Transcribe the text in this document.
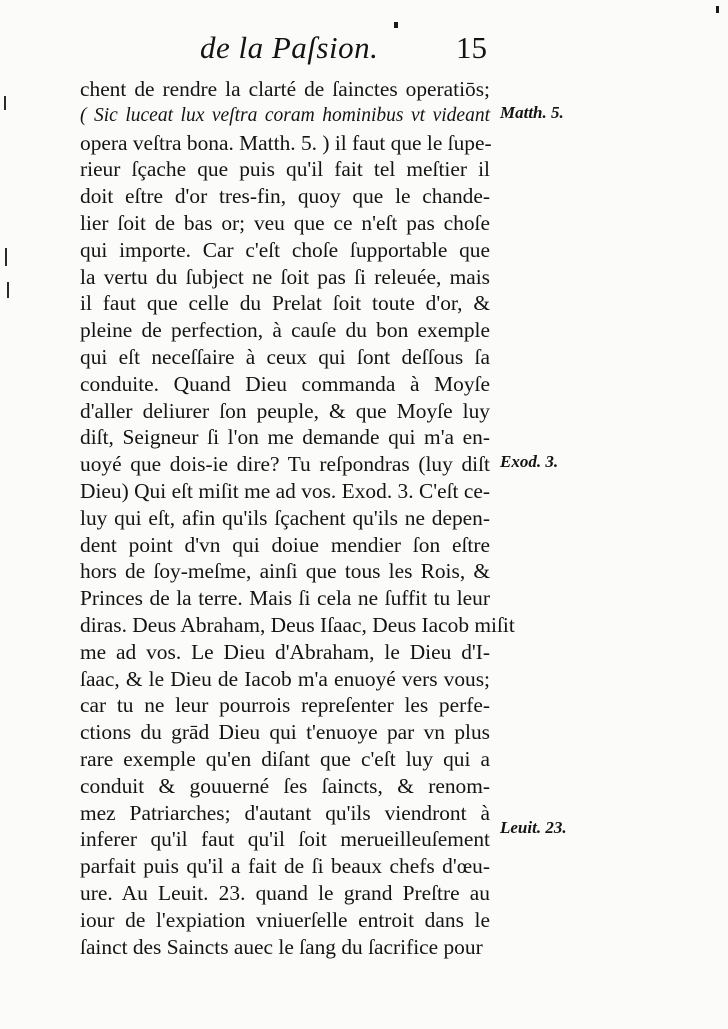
de la Paſsion.	15
chent de rendre la clarté de ſainctes operatiōs;
( Sic luceat lux veſtra coram hominibus vt videant
opera veſtra bona. Matth. 5. ) il faut que le ſupe-
rieur ſçache que puis qu'il fait tel meſtier il
doit eſtre d'or tres-fin, quoy que le chande-
lier ſoit de bas or; veu que ce n'eſt pas choſe
qui importe. Car c'eſt choſe ſupportable que
la vertu du ſubject ne ſoit pas ſi releuée, mais
il faut que celle du Prelat ſoit toute d'or, &
pleine de perfection, à cauſe du bon exemple
qui eſt neceſſaire à ceux qui ſont deſſous ſa
conduite. Quand Dieu commanda à Moyſe
d'aller deliurer ſon peuple, & que Moyſe luy
diſt, Seigneur ſi l'on me demande qui m'a en-
uoyé que dois-ie dire? Tu reſpondras (luy diſt
Dieu) Qui eſt miſit me ad vos. Exod. 3. C'eſt ce-
luy qui eſt, afin qu'ils ſçachent qu'ils ne depen-
dent point d'vn qui doiue mendier ſon eſtre
hors de ſoy-meſme, ainſi que tous les Rois, &
Princes de la terre. Mais ſi cela ne ſuffit tu leur
diras. Deus Abraham, Deus Iſaac, Deus Iacob miſit
me ad vos. Le Dieu d'Abraham, le Dieu d'I-
ſaac, & le Dieu de Iacob m'a enuoyé vers vous;
car tu ne leur pourrois repreſenter les perfe-
ctions du grād Dieu qui t'enuoye par vn plus
rare exemple qu'en diſant que c'eſt luy qui a
conduit & gouuerné ſes ſaincts, & renom-
mez Patriarches; d'autant qu'ils viendront à
inferer qu'il faut qu'il ſoit merueilleuſement
parfait puis qu'il a fait de ſi beaux chefs d'œu-
ure. Au Leuit. 23. quand le grand Preſtre au
iour de l'expiation vniuerſelle entroit dans le
ſainct des Saincts auec le ſang du ſacrifice pour
Matth. 5.
Exod. 3.
Leuit. 23.
